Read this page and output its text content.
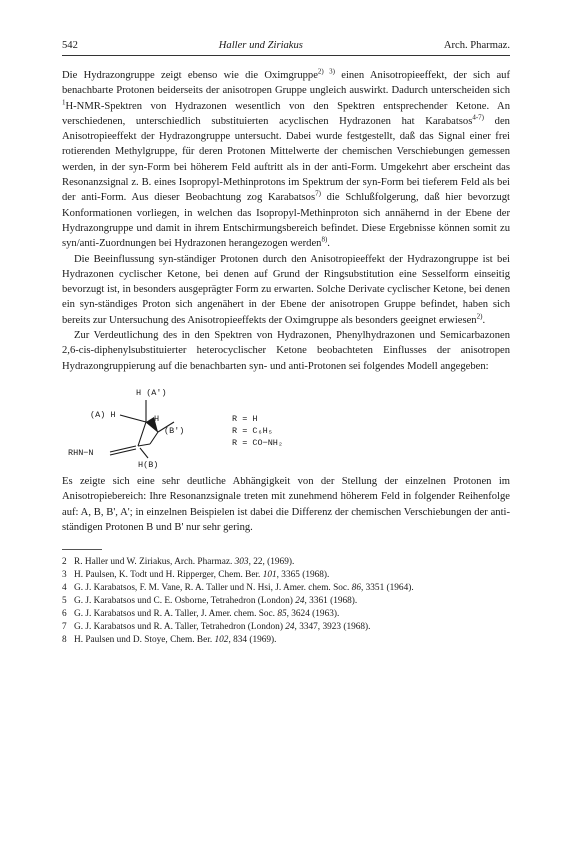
542	Haller und Ziriakus	Arch. Pharmaz.

Die Hydrazongruppe zeigt ebenso wie die Oximgruppe$^{2) 3)}$ einen Anisotropieeffekt, der sich auf benachbarte Protonen beiderseits der anisotropen Gruppe ungleich auswirkt. Dadurch unterscheiden sich $^1$H-NMR-Spektren von Hydrazonen wesentlich von den Spektren entsprechender Ketone. An verschiedenen, unterschiedlich substituierten acyclischen Hydrazonen hat Karabatsos$^{4-7)}$ den Anisotropieeffekt der Hydrazongruppe untersucht. Dabei wurde festgestellt, daß das Signal einer frei rotierenden Methylgruppe, für deren Protonen Mittelwerte der chemischen Verschiebungen gemessen werden, in der syn-Form bei höherem Feld auftritt als in der anti-Form. Umgekehrt aber erscheint das Resonanzsignal z. B. eines Isopropyl-Methinprotons im Spektrum der syn-Form bei tieferem Feld als bei der anti-Form. Aus dieser Beobachtung zog Karabatsos$^{7)}$ die Schlußfolgerung, daß hier bevorzugt Konformationen vorliegen, in welchen das Isopropyl-Methinproton sich annähernd in der Ebene der Hydrazongruppe und damit in ihrem Entschirmungsbereich befindet. Diese Ergebnisse können somit zu syn/anti-Zuordnungen bei Hydrazonen herangezogen werden$^{8)}$.

Die Beeinflussung syn-ständiger Protonen durch den Anisotropieeffekt der Hydrazongruppe ist bei Hydrazonen cyclischer Ketone, bei denen auf Grund der Ringsubstitution eine Sesselform einseitig bevorzugt ist, in besonders ausgeprägter Form zu erwarten. Solche Derivate cyclischer Ketone, bei denen ein syn-ständiges Proton sich angenähert in der Ebene der anisotropen Gruppe befindet, haben sich bereits zur Untersuchung des Anisotropieeffekts der Oximgruppe als besonders geeignet erwiesen$^{2)}$.

Zur Verdeutlichung des in den Spektren von Hydrazonen, Phenylhydrazonen und Semicarbazonen 2,6-cis-diphenylsubstituierter heterocyclischer Ketone beobachteten Einflusses der anisotropen Hydrazongruppierung auf die benachbarten syn- und anti-Protonen sei folgendes Modell angegeben:

H (A')
(A) H	H
(B')
RHN−N
H(B)
R = H
R = C₆H₅
R = CO−NH₂

Es zeigte sich eine sehr deutliche Abhängigkeit von der Stellung der einzelnen Protonen im Anisotropiebereich: Ihre Resonanzsignale treten mit zunehmend höherem Feld in folgender Reihenfolge auf: A, B, B', A'; in einzelnen Beispielen ist dabei die Differenz der chemischen Verschiebungen der anti-ständigen Protonen B und B' nur sehr gering.

2 R. Haller und W. Ziriakus, Arch. Pharmaz. 303, 22, (1969).
3 H. Paulsen, K. Todt und H. Ripperger, Chem. Ber. 101, 3365 (1968).
4 G. J. Karabatsos, F. M. Vane, R. A. Taller und N. Hsi, J. Amer. chem. Soc. 86, 3351 (1964).
5 G. J. Karabatsos und C. E. Osborne, Tetrahedron (London) 24, 3361 (1968).
6 G. J. Karabatsos und R. A. Taller, J. Amer. chem. Soc. 85, 3624 (1963).
7 G. J. Karabatsos und R. A. Taller, Tetrahedron (London) 24, 3347, 3923 (1968).
8 H. Paulsen und D. Stoye, Chem. Ber. 102, 834 (1969).
